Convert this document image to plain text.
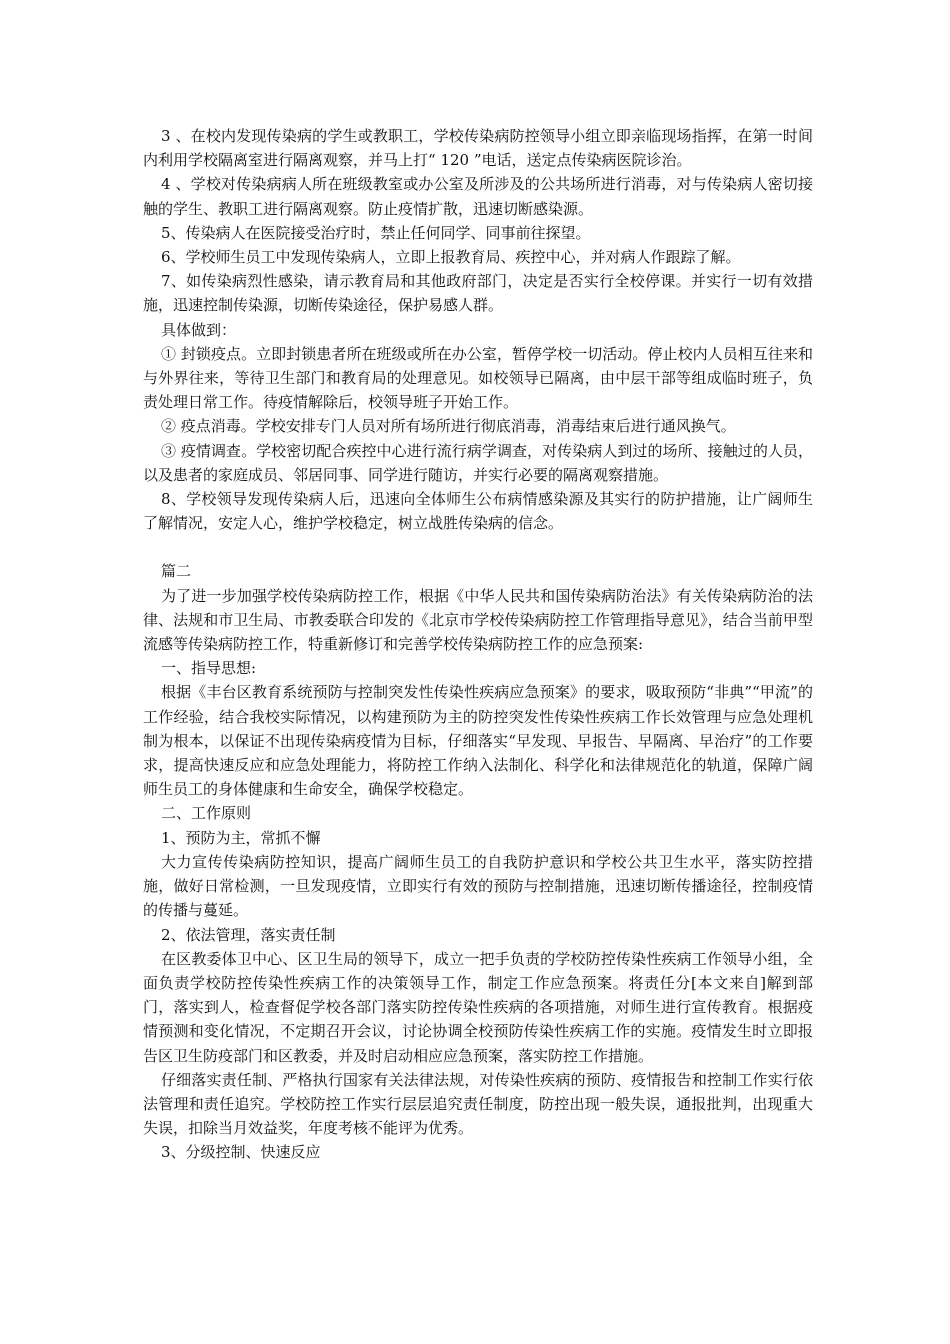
3 、在校内发现传染病的学生或教职工，学校传染病防控领导小组立即亲临现场指挥，在第一时间内利用学校隔离室进行隔离观察，并马上打“ 120 ”电话，送定点传染病医院诊治。

4 、学校对传染病病人所在班级教室或办公室及所涉及的公共场所进行消毒，对与传染病人密切接触的学生、教职工进行隔离观察。防止疫情扩散，迅速切断感染源。

5、传染病人在医院接受治疗时，禁止任何同学、同事前往探望。

6、学校师生员工中发现传染病人，立即上报教育局、疾控中心，并对病人作跟踪了解。

7、如传染病烈性感染，请示教育局和其他政府部门，决定是否实行全校停课。并实行一切有效措施，迅速控制传染源，切断传染途径，保护易感人群。

具体做到：

① 封锁疫点。立即封锁患者所在班级或所在办公室，暂停学校一切活动。停止校内人员相互往来和与外界往来，等待卫生部门和教育局的处理意见。如校领导已隔离，由中层干部等组成临时班子，负责处理日常工作。待疫情解除后，校领导班子开始工作。

② 疫点消毒。学校安排专门人员对所有场所进行彻底消毒，消毒结束后进行通风换气。

③ 疫情调查。学校密切配合疾控中心进行流行病学调查，对传染病人到过的场所、接触过的人员，以及患者的家庭成员、邻居同事、同学进行随访，并实行必要的隔离观察措施。

8、学校领导发现传染病人后，迅速向全体师生公布病情感染源及其实行的防护措施，让广阔师生了解情况，安定人心，维护学校稳定，树立战胜传染病的信念。

篇二

为了进一步加强学校传染病防控工作，根据《中华人民共和国传染病防治法》有关传染病防治的法律、法规和市卫生局、市教委联合印发的《北京市学校传染病防控工作管理指导意见》，结合当前甲型流感等传染病防控工作，特重新修订和完善学校传染病防控工作的应急预案:

一、指导思想:

根据《丰台区教育系统预防与控制突发性传染性疾病应急预案》的要求，吸取预防“非典”“甲流”的工作经验，结合我校实际情况，以构建预防为主的防控突发性传染性疾病工作长效管理与应急处理机制为根本，以保证不出现传染病疫情为目标，仔细落实“早发现、早报告、早隔离、早治疗”的工作要求，提高快速反应和应急处理能力，将防控工作纳入法制化、科学化和法律规范化的轨道，保障广阔师生员工的身体健康和生命安全，确保学校稳定。

二、工作原则

1、预防为主，常抓不懈

大力宣传传染病防控知识，提高广阔师生员工的自我防护意识和学校公共卫生水平，落实防控措施，做好日常检测，一旦发现疫情，立即实行有效的预防与控制措施，迅速切断传播途径，控制疫情的传播与蔓延。

2、依法管理，落实责任制

在区教委体卫中心、区卫生局的领导下，成立一把手负责的学校防控传染性疾病工作领导小组，全面负责学校防控传染性疾病工作的决策领导工作，制定工作应急预案。将责任分[本文来自]解到部门，落实到人，检查督促学校各部门落实防控传染性疾病的各项措施，对师生进行宣传教育。根据疫情预测和变化情况，不定期召开会议，讨论协调全校预防传染性疾病工作的实施。疫情发生时立即报告区卫生防疫部门和区教委，并及时启动相应应急预案，落实防控工作措施。

仔细落实责任制、严格执行国家有关法律法规，对传染性疾病的预防、疫情报告和控制工作实行依法管理和责任追究。学校防控工作实行层层追究责任制度，防控出现一般失误，通报批判，出现重大失误，扣除当月效益奖，年度考核不能评为优秀。

3、分级控制、快速反应
